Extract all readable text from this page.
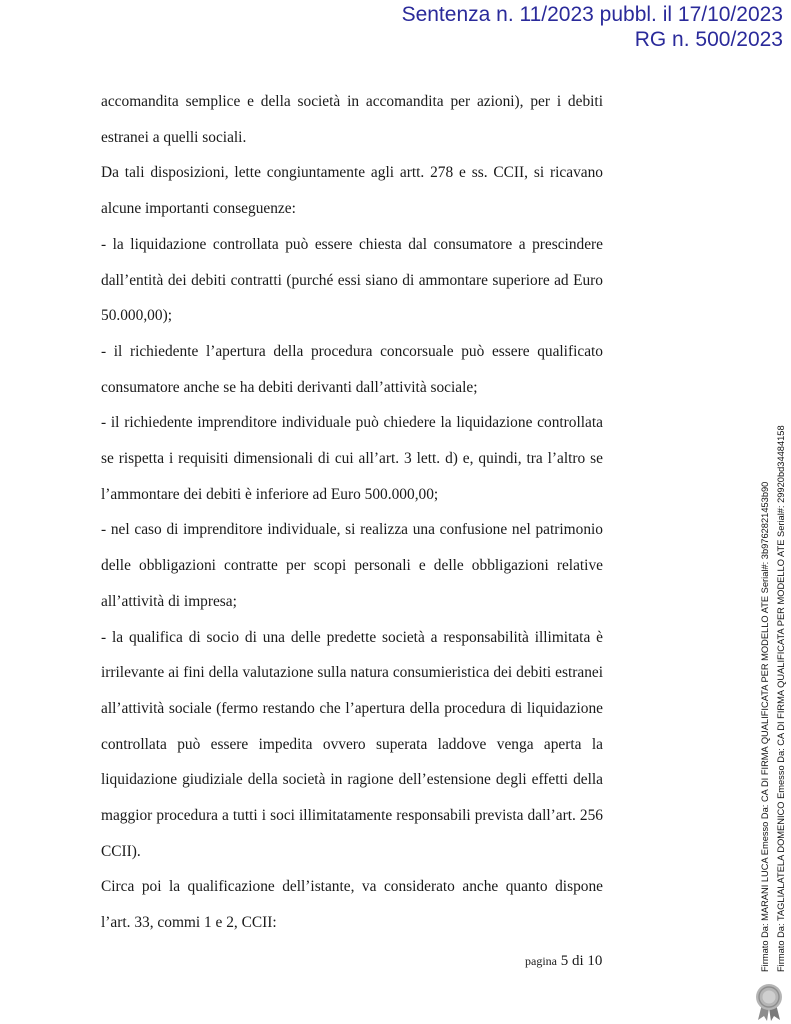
Sentenza n. 11/2023 pubbl. il 17/10/2023
RG n. 500/2023
accomandita semplice e della società in accomandita per azioni), per i debiti
estranei a quelli sociali.
Da tali disposizioni, lette congiuntamente agli artt. 278 e ss. CCII, si ricavano
alcune importanti conseguenze:
- la liquidazione controllata può essere chiesta dal consumatore a prescindere
dall’entità dei debiti contratti (purché essi siano di ammontare superiore ad Euro
50.000,00);
- il richiedente l’apertura della procedura concorsuale può essere qualificato
consumatore anche se ha debiti derivanti dall’attività sociale;
- il richiedente imprenditore individuale può chiedere la liquidazione controllata
se rispetta i requisiti dimensionali di cui all’art. 3 lett. d) e, quindi, tra l’altro se
l’ammontare dei debiti è inferiore ad Euro 500.000,00;
- nel caso di imprenditore individuale, si realizza una confusione nel patrimonio
delle obbligazioni contratte per scopi personali e delle obbligazioni relative
all’attività di impresa;
- la qualifica di socio di una delle predette società a responsabilità illimitata è
irrilevante ai fini della valutazione sulla natura consumieristica dei debiti estranei
all’attività sociale (fermo restando che l’apertura della procedura di liquidazione
controllata può essere impedita ovvero superata laddove venga aperta la
liquidazione giudiziale della società in ragione dell’estensione degli effetti della
maggior procedura a tutti i soci illimitatamente responsabili prevista dall’art. 256
CCII).
Circa poi la qualificazione dell’istante, va considerato anche quanto dispone
l’art. 33, commi 1 e 2, CCII:
pagina 5 di 10	Firmato Da: MARANI LUCA Emesso Da: CA DI FIRMA QUALIFICATA PER MODELLO ATE Serial#: 3b9762821453b90 Firmato Da: TAGLIALATELA DOMENICO Emesso Da: CA DI FIRMA QUALIFICATA PER MODELLO ATE Serial#: 29920bd34484158
